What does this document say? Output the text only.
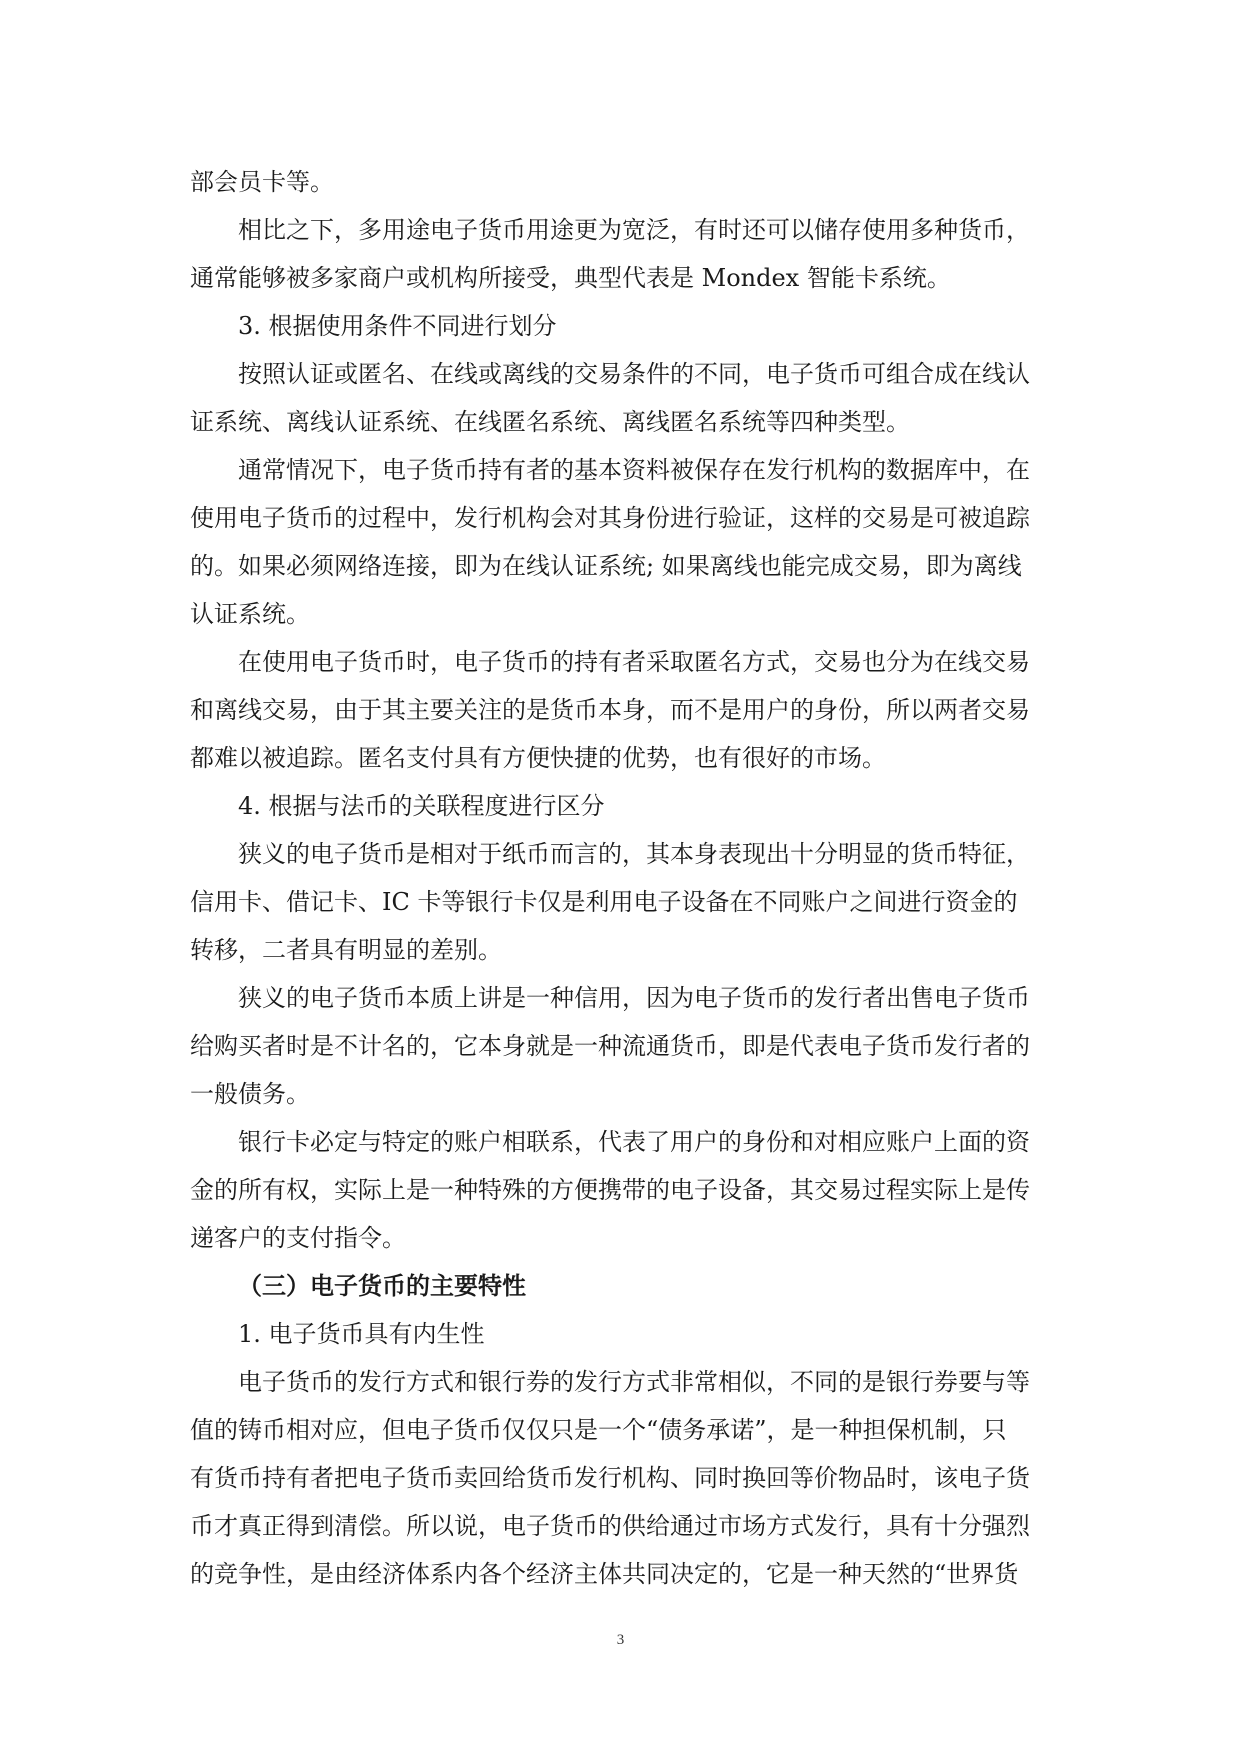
部会员卡等。
相比之下，多用途电子货币用途更为宽泛，有时还可以储存使用多种货币，
通常能够被多家商户或机构所接受，典型代表是 Mondex 智能卡系统。
3. 根据使用条件不同进行划分
按照认证或匿名、在线或离线的交易条件的不同，电子货币可组合成在线认
证系统、离线认证系统、在线匿名系统、离线匿名系统等四种类型。
通常情况下，电子货币持有者的基本资料被保存在发行机构的数据库中，在
使用电子货币的过程中，发行机构会对其身份进行验证，这样的交易是可被追踪
的。如果必须网络连接，即为在线认证系统; 如果离线也能完成交易，即为离线
认证系统。
在使用电子货币时，电子货币的持有者采取匿名方式，交易也分为在线交易
和离线交易，由于其主要关注的是货币本身，而不是用户的身份，所以两者交易
都难以被追踪。匿名支付具有方便快捷的优势，也有很好的市场。
4. 根据与法币的关联程度进行区分
狭义的电子货币是相对于纸币而言的，其本身表现出十分明显的货币特征，
信用卡、借记卡、IC 卡等银行卡仅是利用电子设备在不同账户之间进行资金的
转移，二者具有明显的差别。
狭义的电子货币本质上讲是一种信用，因为电子货币的发行者出售电子货币
给购买者时是不计名的，它本身就是一种流通货币，即是代表电子货币发行者的
一般债务。
银行卡必定与特定的账户相联系，代表了用户的身份和对相应账户上面的资
金的所有权，实际上是一种特殊的方便携带的电子设备，其交易过程实际上是传
递客户的支付指令。
（三）电子货币的主要特性
1. 电子货币具有内生性
电子货币的发行方式和银行券的发行方式非常相似，不同的是银行券要与等
值的铸币相对应，但电子货币仅仅只是一个“债务承诺”，是一种担保机制，只
有货币持有者把电子货币卖回给货币发行机构、同时换回等价物品时，该电子货
币才真正得到清偿。所以说，电子货币的供给通过市场方式发行，具有十分强烈
的竞争性，是由经济体系内各个经济主体共同决定的，它是一种天然的“世界货
3
